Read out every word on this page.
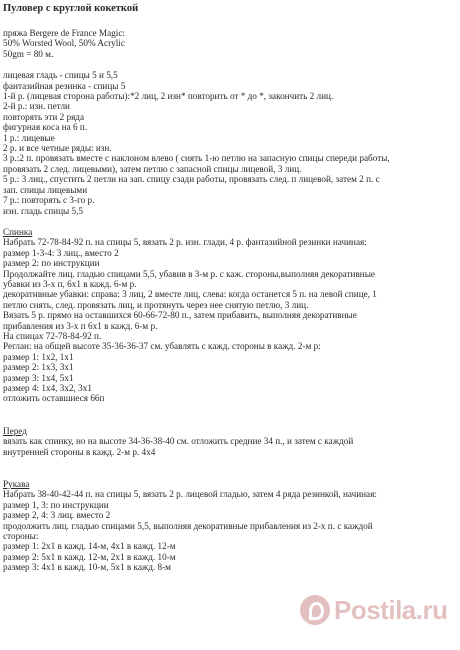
Пуловер с круглой кокеткой
пряжа Bergere de France Magic:
50% Worsted Wool, 50% Acrylic
50gm = 80 м.
лицевая гладь - спицы 5 и 5,5
фантазийная резинка - спицы 5
1-й р. (лицевая сторона работы):*2 лиц, 2 изн* повторить от * до *, закончить 2 лиц.
2-й р.: изн. петли
повторять эти 2 ряда
фигурная коса на 6 п.
1 р.: лицевые
2 р. и все четные ряды: изн.
3 р.:2 п. провязать вместе с наклоном влево ( снять 1-ю петлю на запасную спицы спереди работы,
провязать 2 след. лицевыми), затем петлю с запасной спицы лицевой, 3 лиц.
5 р.: 3 лиц., спустить 2 петли на зап. спицу сзади работы, провязать след. п лицевой, затем 2 п. с
зап. спицы лицевыми
7 р.: повторять с 3-го р.
изн. гладь спицы 5,5
Спинка
Набрать 72-78-84-92 п. на спицы 5, вязать 2 р. изн. глади, 4 р. фантазийной резинки начиная:
размер 1-3-4: 3 лиц., вместо 2
размер 2: по инструкции
Продолжайте лиц. гладью спицами 5,5, убавив в 3-м р. с каж. стороны,выполняя декоративные
убавки из 3-х п, 6х1 в кажд. 6-м р.
декоративные убавки: справа: 3 лиц, 2 вместе лиц, слева: когда останется 5 п. на левой спице, 1
петлю снять, след. провязать лиц, и протянуть через нее снятую петлю, 3 лиц.
Вязать 5 р. прямо на оставшихся 60-66-72-80 п., затем прибавить, выполняя декоративные
прибавления из 3-х п 6х1 в кажд. 6-м р.
На спицах 72-78-84-92 п.
Реглан: на общей высоте 35-36-36-37 см. убавлять с кажд. стороны в кажд. 2-м р:
размер 1: 1х2, 1х1
размер 2: 1х3, 3х1
размер 3: 1х4, 5х1
размер 4: 1х4, 3х2, 3х1
отложить оставшиеся 66п
Перед
вязать как спинку, но на высоте 34-36-38-40 см. отложить средние 34 п., и затем с каждой
внутренней стороны в кажд. 2-м р. 4х4
Рукава
Набрать 38-40-42-44 п. на спицы 5, вязать 2 р. лицевой гладью, затем 4 ряда резинкой, начиная:
размер 1, 3: по инструкции
размер 2, 4: 3 лиц. вместо 2
продолжить лиц. гладью спицами 5,5, выполняя декоративные прибавления из 2-х п. с каждой
стороны:
размер 1: 2х1 в кажд. 14-м, 4х1 в кажд. 12-м
размер 2: 5х1 в кажд. 12-м, 2х1 в кажд. 10-м
размер 3: 4х1 в кажд. 10-м, 5х1 в кажд. 8-м
Postila.ru
